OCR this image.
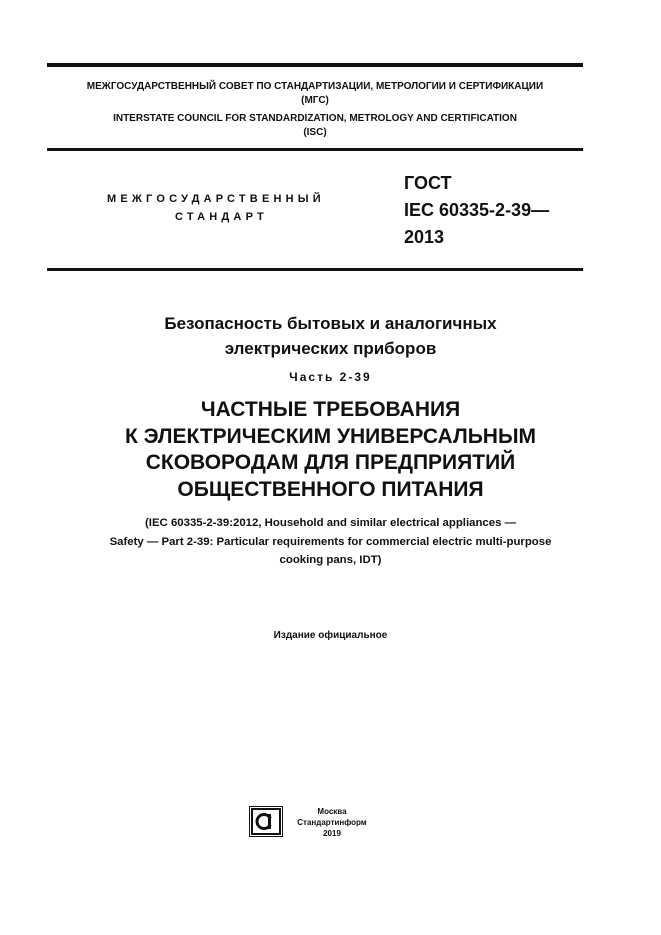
МЕЖГОСУДАРСТВЕННЫЙ СОВЕТ ПО СТАНДАРТИЗАЦИИ, МЕТРОЛОГИИ И СЕРТИФИКАЦИИ
(МГС)
INTERSTATE COUNCIL FOR STANDARDIZATION, METROLOGY AND CERTIFICATION
(ISC)
МЕЖГОСУДАРСТВЕННЫЙ
СТАНДАРТ
ГОСТ
IEC 60335-2-39—
2013
Безопасность бытовых и аналогичных
электрических приборов
Часть 2-39
ЧАСТНЫЕ ТРЕБОВАНИЯ
К ЭЛЕКТРИЧЕСКИМ УНИВЕРСАЛЬНЫМ
СКОВОРОДАМ ДЛЯ ПРЕДПРИЯТИЙ
ОБЩЕСТВЕННОГО ПИТАНИЯ
(IEC 60335-2-39:2012, Household and similar electrical appliances —
Safety — Part 2-39: Particular requirements for commercial electric multi-purpose
cooking pans, IDT)
Издание официальное
Москва
Стандартинформ
2019
